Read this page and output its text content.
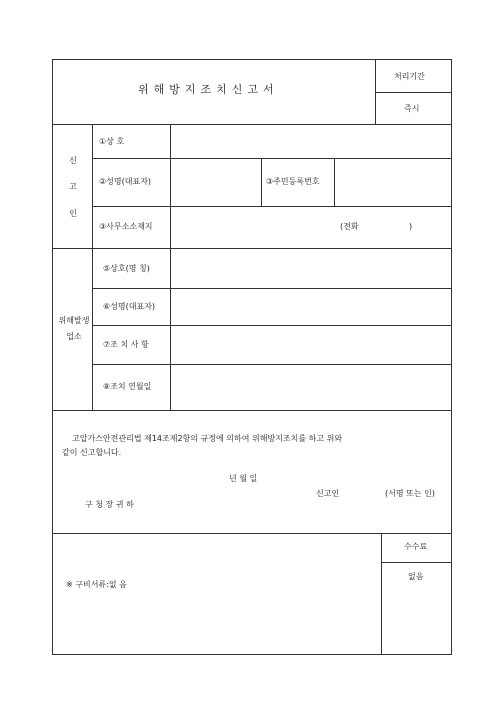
위해방지조치신고서
처리기간
즉시
신
고
인
①상 호
②성명(대표자)	③주민등록번호
③사무소소재지	(전화	)
위해발생
업소
⑤상호(명 칭)
⑥성명(대표자)
⑦조 치 사 항
⑧조치 연월일
고압가스안전관리법 제14조제2항의 규정에 의하여 위해방지조치를 하고 위와
같이 신고합니다.
년 월 일
신고인	(서명 또는 인)
구 청 장 귀 하
※ 구비서류:없 음
수수료
없음
